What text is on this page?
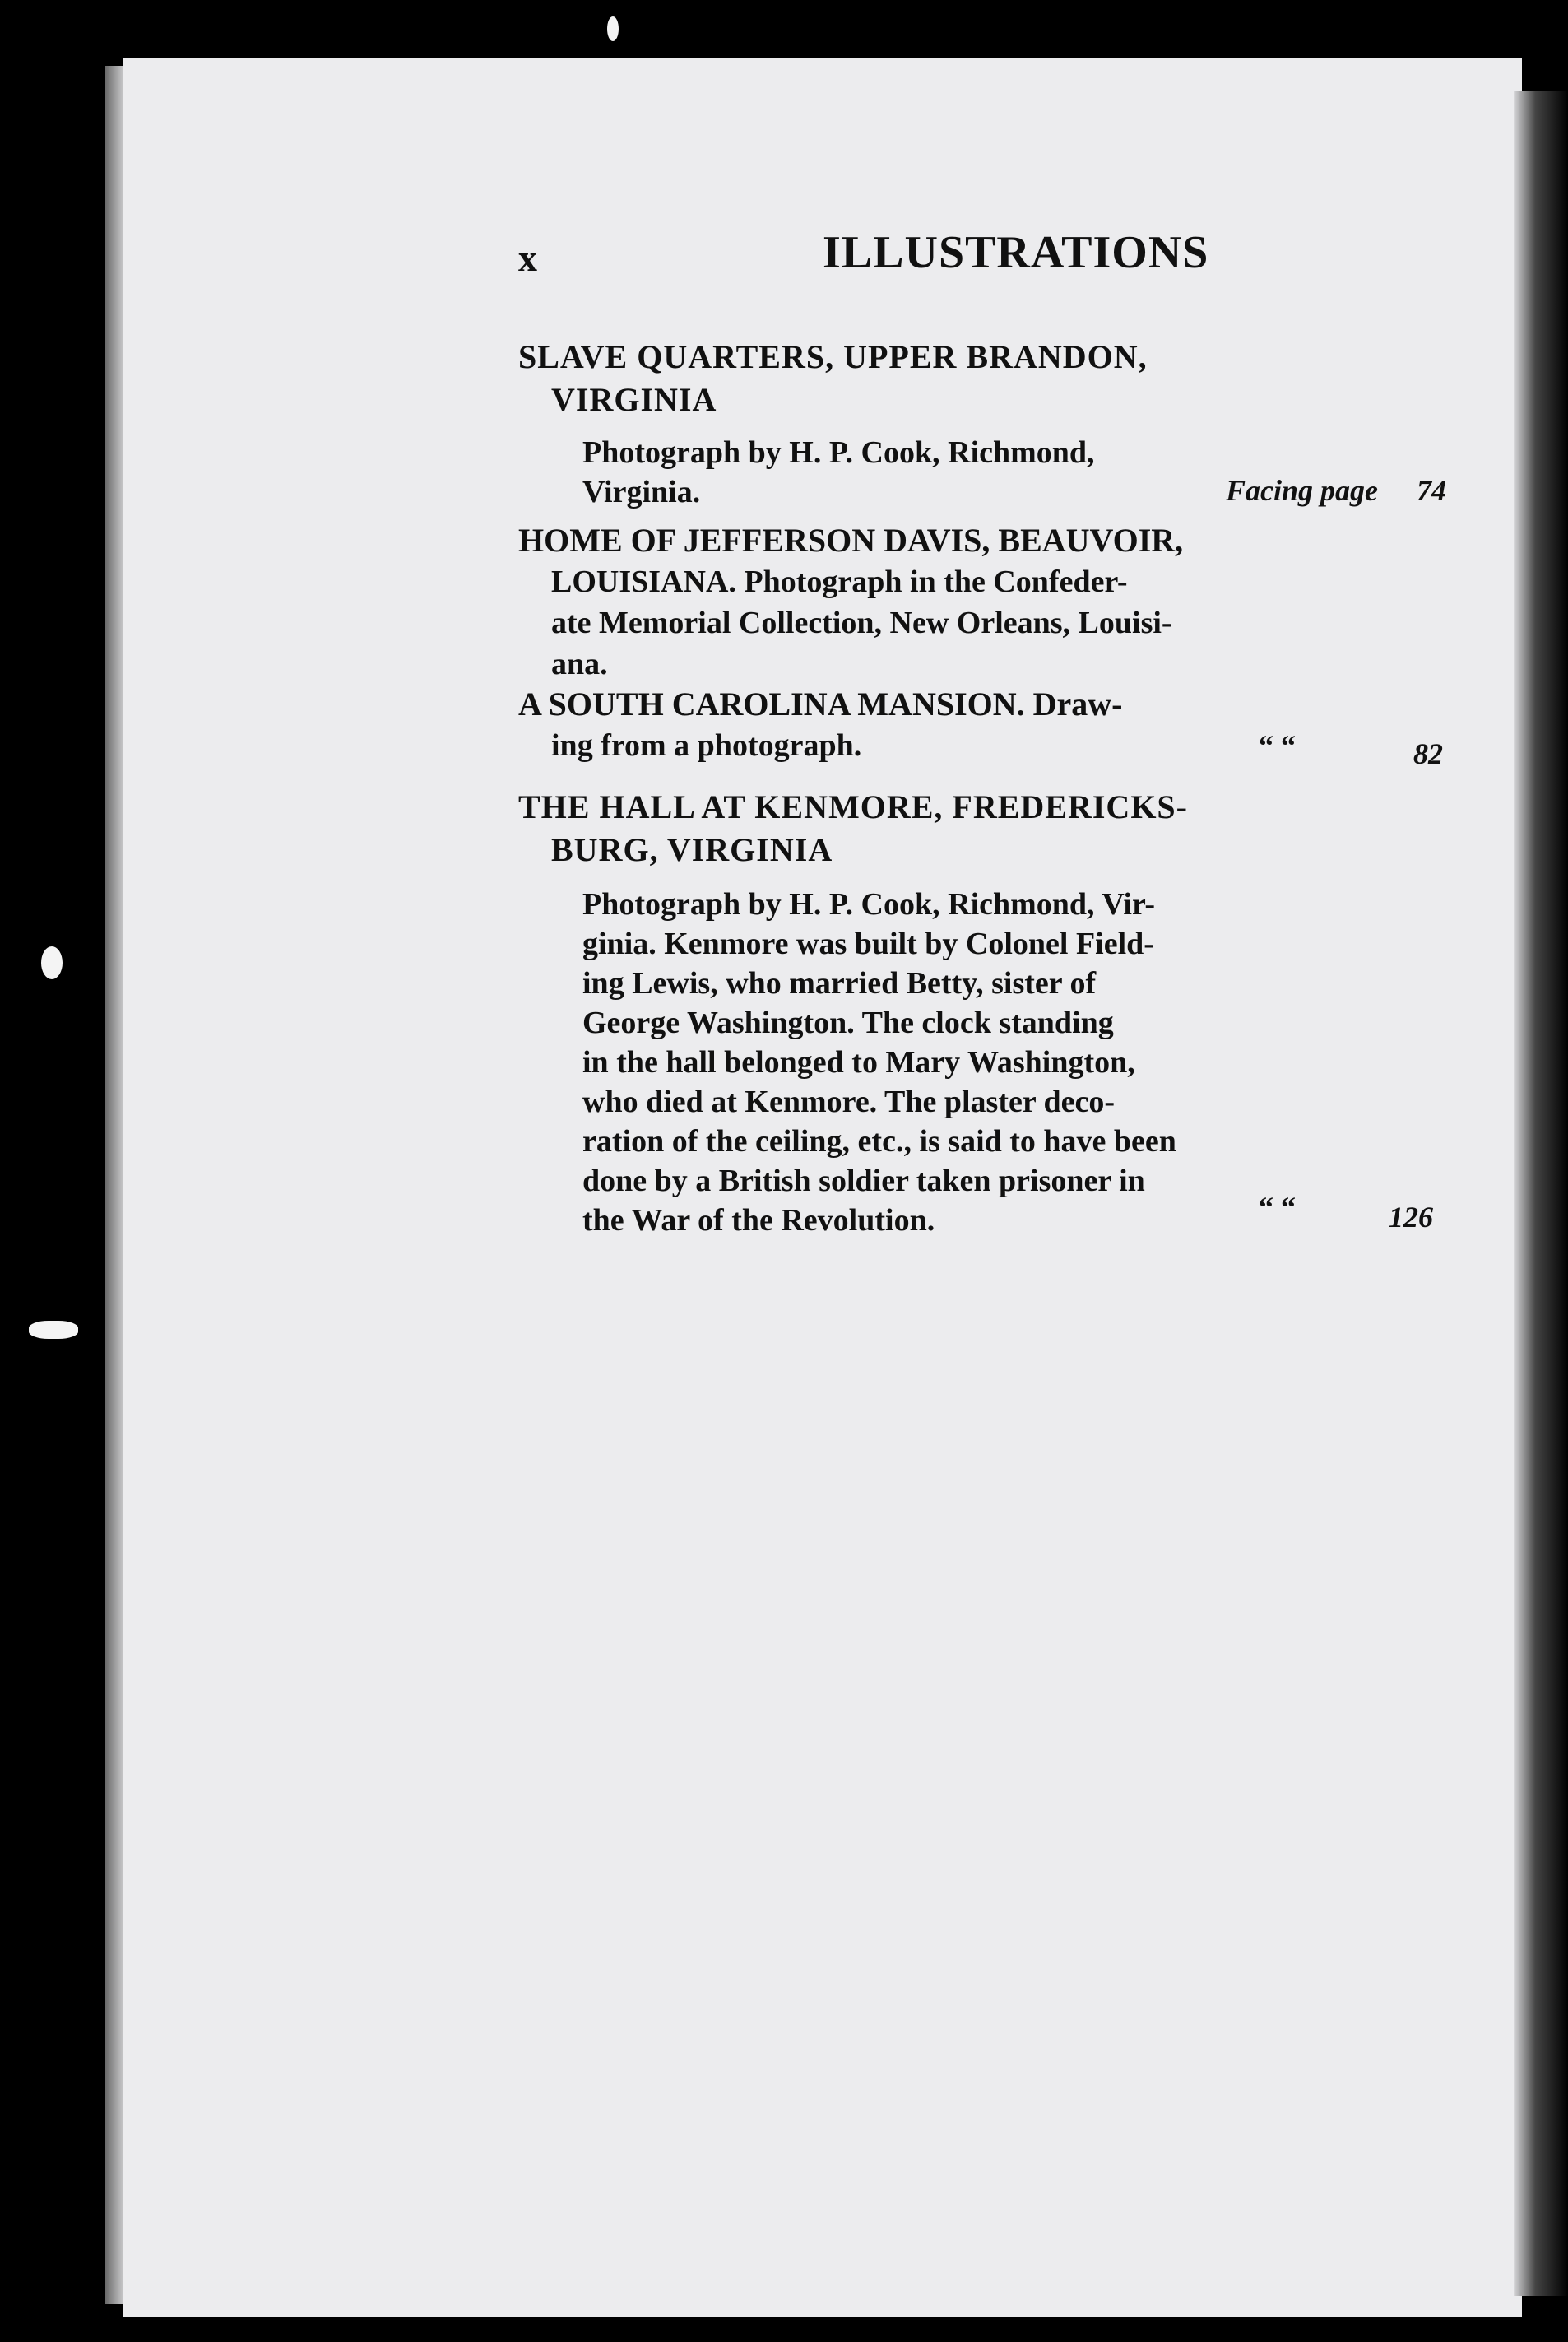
x	ILLUSTRATIONS
SLAVE QUARTERS, UPPER BRANDON,
VIRGINIA
Photograph by H. P. Cook, Richmond,
Virginia.	Facing page 74
HOME OF JEFFERSON DAVIS, BEAUVOIR,
LOUISIANA. Photograph in the Confeder-
ate Memorial Collection, New Orleans, Louisi-
ana.
A SOUTH CAROLINA MANSION. Draw-
ing from a photograph.	“ “	82
THE HALL AT KENMORE, FREDERICKS-
BURG, VIRGINIA
Photograph by H. P. Cook, Richmond, Vir-
ginia. Kenmore was built by Colonel Field-
ing Lewis, who married Betty, sister of
George Washington. The clock standing
in the hall belonged to Mary Washington,
who died at Kenmore. The plaster deco-
ration of the ceiling, etc., is said to have been
done by a British soldier taken prisoner in
the War of the Revolution.	“ “	126
